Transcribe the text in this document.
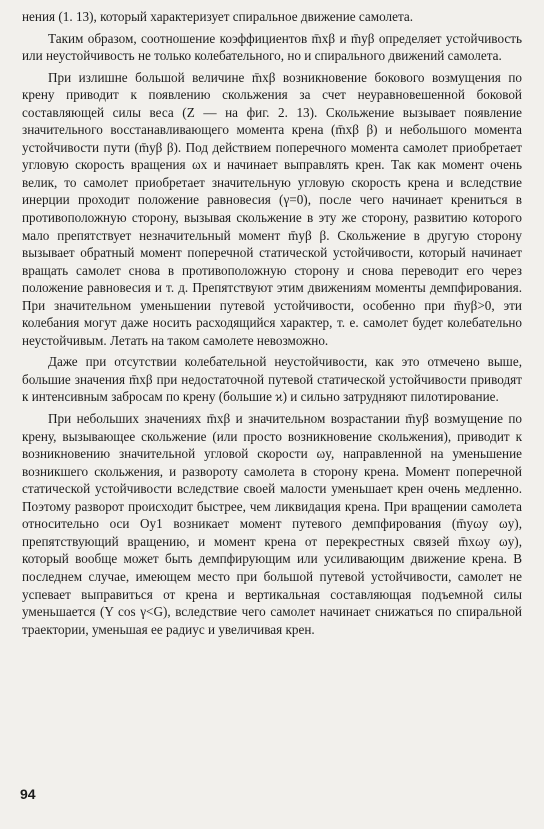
нения (1. 13), который характеризует спиральное движение самолета.

Таким образом, соотношение коэффициентов m̄xβ и m̄yβ определяет устойчивость или неустойчивость не только колебательного, но и спирального движений самолета.

При излишне большой величине m̄xβ возникновение бокового возмущения по крену приводит к появлению скольжения за счет неуравновешенной боковой составляющей силы веса (Z — на фиг. 2. 13). Скольжение вызывает появление значительного восстанавливающего момента крена (m̄xβ β) и небольшого момента устойчивости пути (m̄yβ β). Под действием поперечного момента самолет приобретает угловую скорость вращения ωx и начинает выправлять крен. Так как момент очень велик, то самолет приобретает значительную угловую скорость крена и вследствие инерции проходит положение равновесия (γ=0), после чего начинает крениться в противоположную сторону, вызывая скольжение в эту же сторону, развитию которого мало препятствует незначительный момент m̄yβ β. Скольжение в другую сторону вызывает обратный момент поперечной статической устойчивости, который начинает вращать самолет снова в противоположную сторону и снова переводит его через положение равновесия и т. д. Препятствуют этим движениям моменты демпфирования. При значительном уменьшении путевой устойчивости, особенно при m̄yβ>0, эти колебания могут даже носить расходящийся характер, т. е. самолет будет колебательно неустойчивым. Летать на таком самолете невозможно.

Даже при отсутствии колебательной неустойчивости, как это отмечено выше, большие значения m̄xβ при недостаточной путевой статической устойчивости приводят к интенсивным забросам по крену (большие ϰ) и сильно затрудняют пилотирование.

При небольших значениях m̄xβ и значительном возрастании m̄yβ возмущение по крену, вызывающее скольжение (или просто возникновение скольжения), приводит к возникновению значительной угловой скорости ωy, направленной на уменьшение возникшего скольжения, и развороту самолета в сторону крена. Момент поперечной статической устойчивости вследствие своей малости уменьшает крен очень медленно. Поэтому разворот происходит быстрее, чем ликвидация крена. При вращении самолета относительно оси Oy1 возникает момент путевого демпфирования (m̄yωy ωy), препятствующий вращению, и момент крена от перекрестных связей m̄xωy ωy), который вообще может быть демпфирующим или усиливающим движение крена. В последнем случае, имеющем место при большой путевой устойчивости, самолет не успевает выправиться от крена и вертикальная составляющая подъемной силы уменьшается (Y cos γ<G), вследствие чего самолет начинает снижаться по спиральной траектории, уменьшая ее радиус и увеличивая крен.

94
